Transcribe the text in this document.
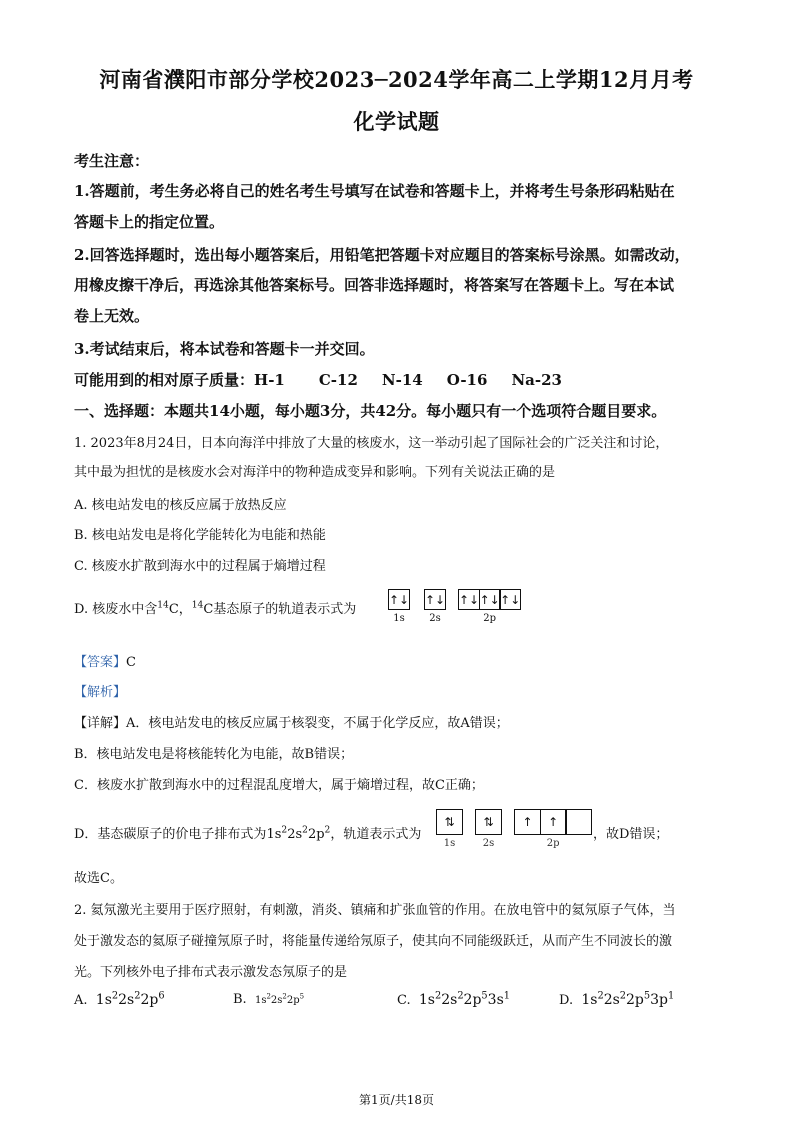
河南省濮阳市部分学校2023─2024学年高二上学期12月月考
化学试题
考生注意：
1.答题前，考生务必将自己的姓名考生号填写在试卷和答题卡上，并将考生号条形码粘贴在
答题卡上的指定位置。
2.回答选择题时，选出每小题答案后，用铅笔把答题卡对应题目的答案标号涂黑。如需改动，
用橡皮擦干净后，再选涂其他答案标号。回答非选择题时，将答案写在答题卡上。写在本试
卷上无效。
3.考试结束后，将本试卷和答题卡一并交回。
可能用到的相对原子质量：H-1 C-12 N-14 O-16 Na-23
一、选择题：本题共14小题，每小题3分，共42分。每小题只有一个选项符合题目要求。
1. 2023年8月24日，日本向海洋中排放了大量的核废水，这一举动引起了国际社会的广泛关注和讨论，
其中最为担忧的是核废水会对海洋中的物种造成变异和影响。下列有关说法正确的是
A. 核电站发电的核反应属于放热反应
B. 核电站发电是将化学能转化为电能和热能
C. 核废水扩散到海水中的过程属于熵增过程
D. 核废水中含$^{14}$C，$^{14}$C基态原子的轨道表示式为
↑↓
1s
↑↓
2s
↑↓ ↑↓ ↑↓
2p
【答案】C
【解析】
【详解】A．核电站发电的核反应属于核裂变，不属于化学反应，故A错误；
B．核电站发电是将核能转化为电能，故B错误；
C．核废水扩散到海水中的过程混乱度增大，属于熵增过程，故C正确；
D．基态碳原子的价电子排布式为$1s^22s^22p^2$，轨道表示式为
⇅
1s
⇅
2s
↑	↑
2p
，故D错误；
故选C。
2. 氦氖激光主要用于医疗照射，有刺激，消炎、镇痛和扩张血管的作用。在放电管中的氦氖原子气体，当
处于激发态的氦原子碰撞氖原子时，将能量传递给氖原子，使其向不同能级跃迁，从而产生不同波长的激
光。下列核外电子排布式表示激发态氖原子的是
A. $1s^22s^22p^6$	B. $1s^22s^22p^5$	C. $1s^22s^22p^53s^1$	D. $1s^22s^22p^53p^1$
第1页/共18页
